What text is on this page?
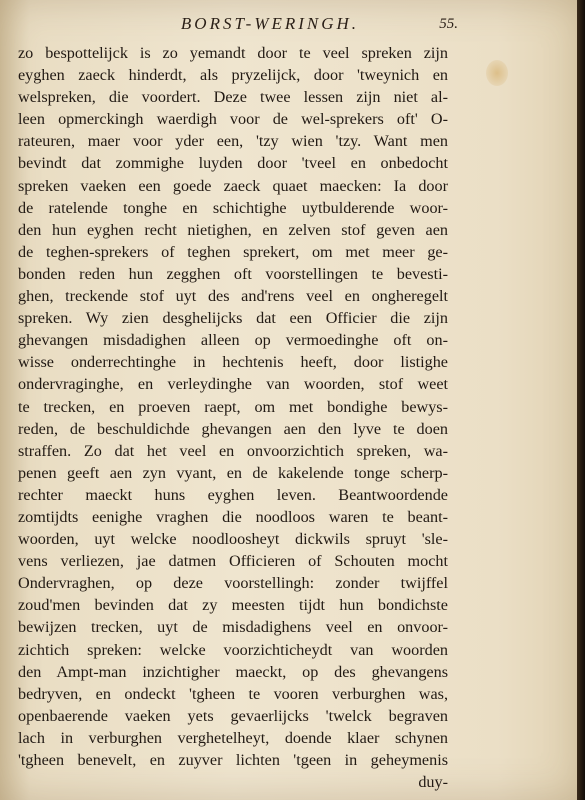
BORST-WERINGH.	55.
zo bespottelijck is zo yemandt door te veel spreken zijn
eyghen zaeck hinderdt, als pryzelijck, door 'tweynich en
welspreken, die voordert. Deze twee lessen zijn niet al-
leen opmerckingh waerdigh voor de wel-sprekers oft' O-
rateuren, maer voor yder een, 'tzy wien 'tzy. Want men
bevindt dat zommighe luyden door 'tveel en onbedocht
spreken vaeken een goede zaeck quaet maecken: Ia door
de ratelende tonghe en schichtighe uytbulderende woor-
den hun eyghen recht nietighen, en zelven stof geven aen
de teghen-sprekers of teghen sprekert, om met meer ge-
bonden reden hun zegghen oft voorstellingen te bevesti-
ghen, treckende stof uyt des and'rens veel en ongheregelt
spreken. Wy zien desghelijcks dat een Officier die zijn
ghevangen misdadighen alleen op vermoedinghe oft on-
wisse onderrechtinghe in hechtenis heeft, door listighe
ondervraginghe, en verleydinghe van woorden, stof weet
te trecken, en proeven raept, om met bondighe bewys-
reden, de beschuldichde ghevangen aen den lyve te doen
straffen. Zo dat het veel en onvoorzichtich spreken, wa-
penen geeft aen zyn vyant, en de kakelende tonge scherp-
rechter maeckt huns eyghen leven. Beantwoordende
zomtijdts eenighe vraghen die noodloos waren te beant-
woorden, uyt welcke noodloosheyt dickwils spruyt 'sle-
vens verliezen, jae datmen Officieren of Schouten mocht
Ondervraghen, op deze voorstellingh: zonder twijffel
zoud'men bevinden dat zy meesten tijdt hun bondichste
bewijzen trecken, uyt de misdadighens veel en onvoor-
zichtich spreken: welcke voorzichticheydt van woorden
den Ampt-man inzichtigher maeckt, op des ghevangens
bedryven, en ondeckt 'tgheen te vooren verburghen was,
openbaerende vaeken yets gevaerlijcks 'twelck begraven
lach in verburghen verghetelheyt, doende klaer schynen
'tgheen benevelt, en zuyver lichten 'tgeen in geheymenis
duy-
